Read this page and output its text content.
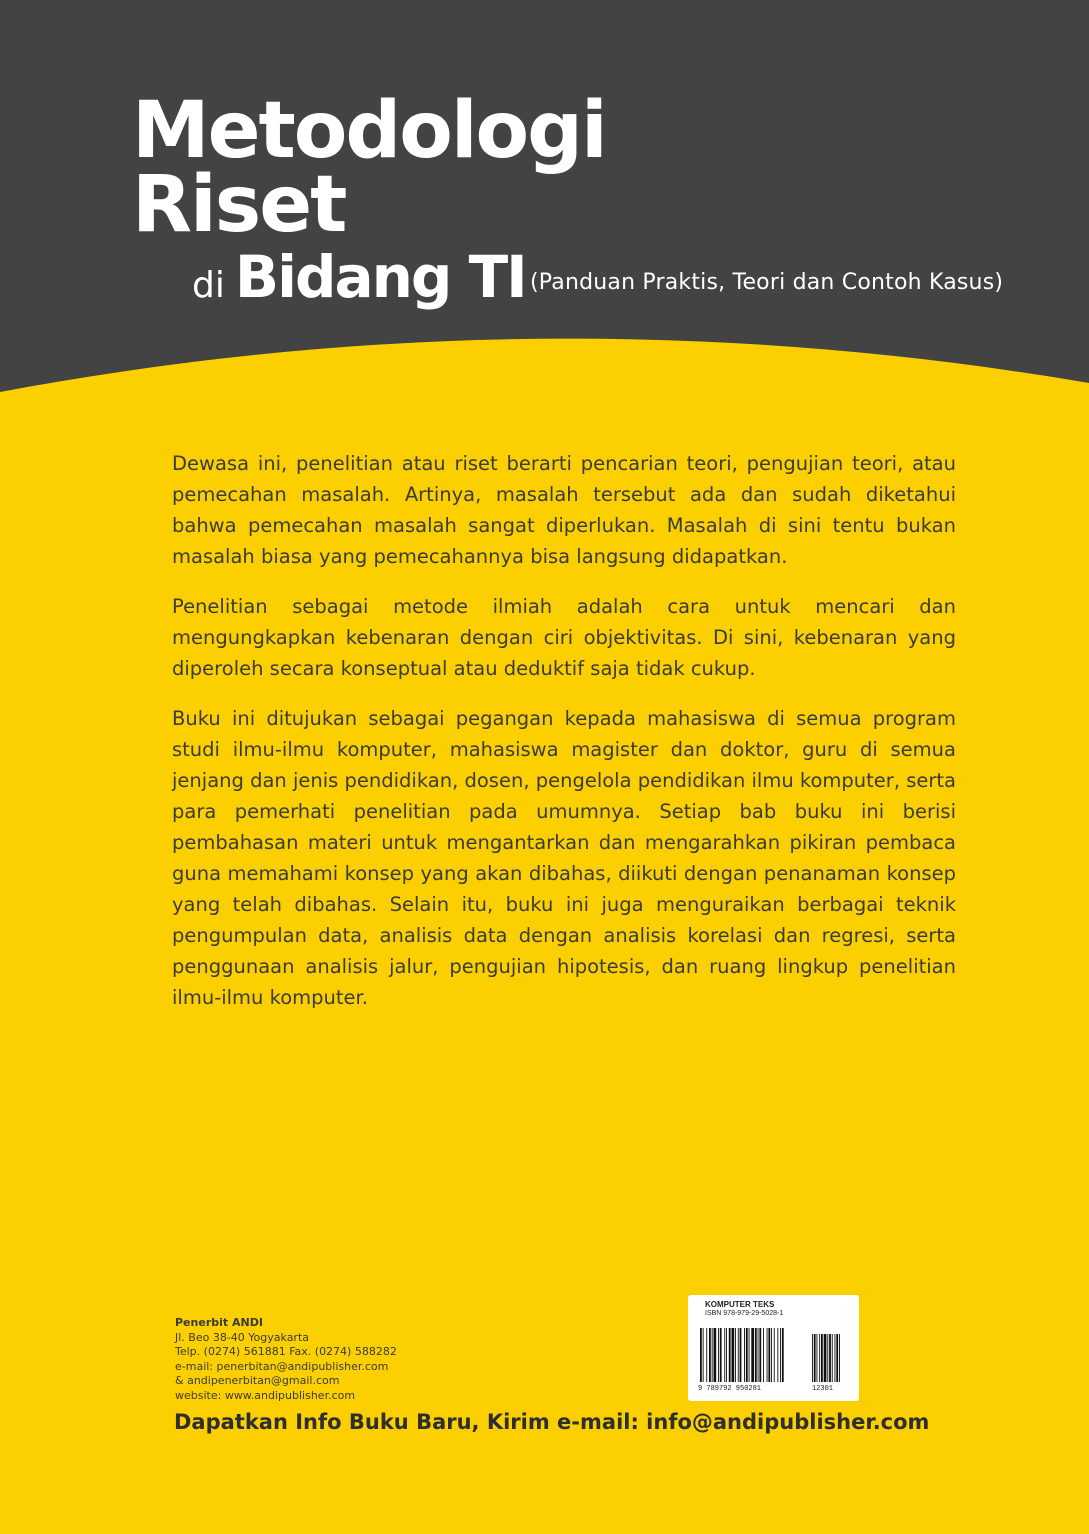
Metodologi
Riset
di Bidang TI (Panduan Praktis, Teori dan Contoh Kasus)

Dewasa ini, penelitian atau riset berarti pencarian teori, pengujian teori, atau pemecahan masalah. Artinya, masalah tersebut ada dan sudah diketahui bahwa pemecahan masalah sangat diperlukan. Masalah di sini tentu bukan masalah biasa yang pemecahannya bisa langsung didapatkan.

Penelitian sebagai metode ilmiah adalah cara untuk mencari dan mengungkapkan kebenaran dengan ciri objektivitas. Di sini, kebenaran yang diperoleh secara konseptual atau deduktif saja tidak cukup.

Buku ini ditujukan sebagai pegangan kepada mahasiswa di semua program studi ilmu-ilmu komputer, mahasiswa magister dan doktor, guru di semua jenjang dan jenis pendidikan, dosen, pengelola pendidikan ilmu komputer, serta para pemerhati penelitian pada umumnya. Setiap bab buku ini berisi pembahasan materi untuk mengantarkan dan mengarahkan pikiran pembaca guna memahami konsep yang akan dibahas, diikuti dengan penanaman konsep yang telah dibahas. Selain itu, buku ini juga menguraikan berbagai teknik pengumpulan data, analisis data dengan analisis korelasi dan regresi, serta penggunaan analisis jalur, pengujian hipotesis, dan ruang lingkup penelitian ilmu-ilmu komputer.

Penerbit ANDI
Jl. Beo 38-40 Yogyakarta
Telp. (0274) 561881 Fax. (0274) 588282
e-mail: penerbitan@andipublisher.com
& andipenerbitan@gmail.com
website: www.andipublisher.com
KOMPUTER TEKS
ISBN 978-979-29-5028-1
9 789792 950281	12301
Dapatkan Info Buku Baru, Kirim e-mail: info@andipublisher.com
